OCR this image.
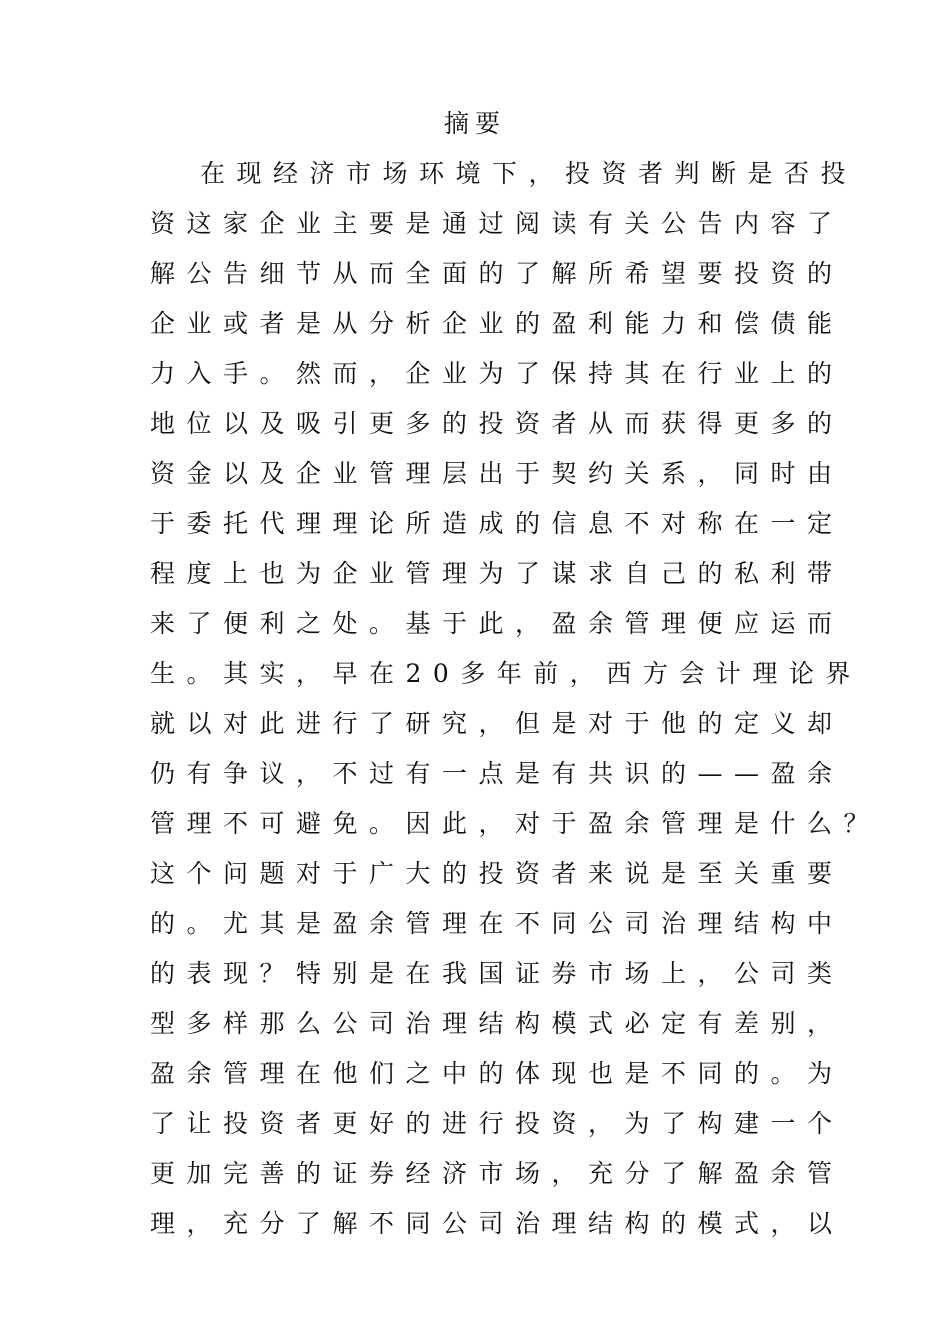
摘要
在现经济市场环境下，投资者判断是否投
资这家企业主要是通过阅读有关公告内容了
解公告细节从而全面的了解所希望要投资的
企业或者是从分析企业的盈利能力和偿债能
力入手。然而，企业为了保持其在行业上的
地位以及吸引更多的投资者从而获得更多的
资金以及企业管理层出于契约关系，同时由
于委托代理理论所造成的信息不对称在一定
程度上也为企业管理为了谋求自己的私利带
来了便利之处。基于此，盈余管理便应运而
生。其实，早在20多年前，西方会计理论界
就以对此进行了研究，但是对于他的定义却
仍有争议，不过有一点是有共识的——盈余
管理不可避免。因此，对于盈余管理是什么？
这个问题对于广大的投资者来说是至关重要
的。尤其是盈余管理在不同公司治理结构中
的表现？特别是在我国证券市场上，公司类
型多样那么公司治理结构模式必定有差别，
盈余管理在他们之中的体现也是不同的。为
了让投资者更好的进行投资，为了构建一个
更加完善的证券经济市场，充分了解盈余管
理，充分了解不同公司治理结构的模式，以
